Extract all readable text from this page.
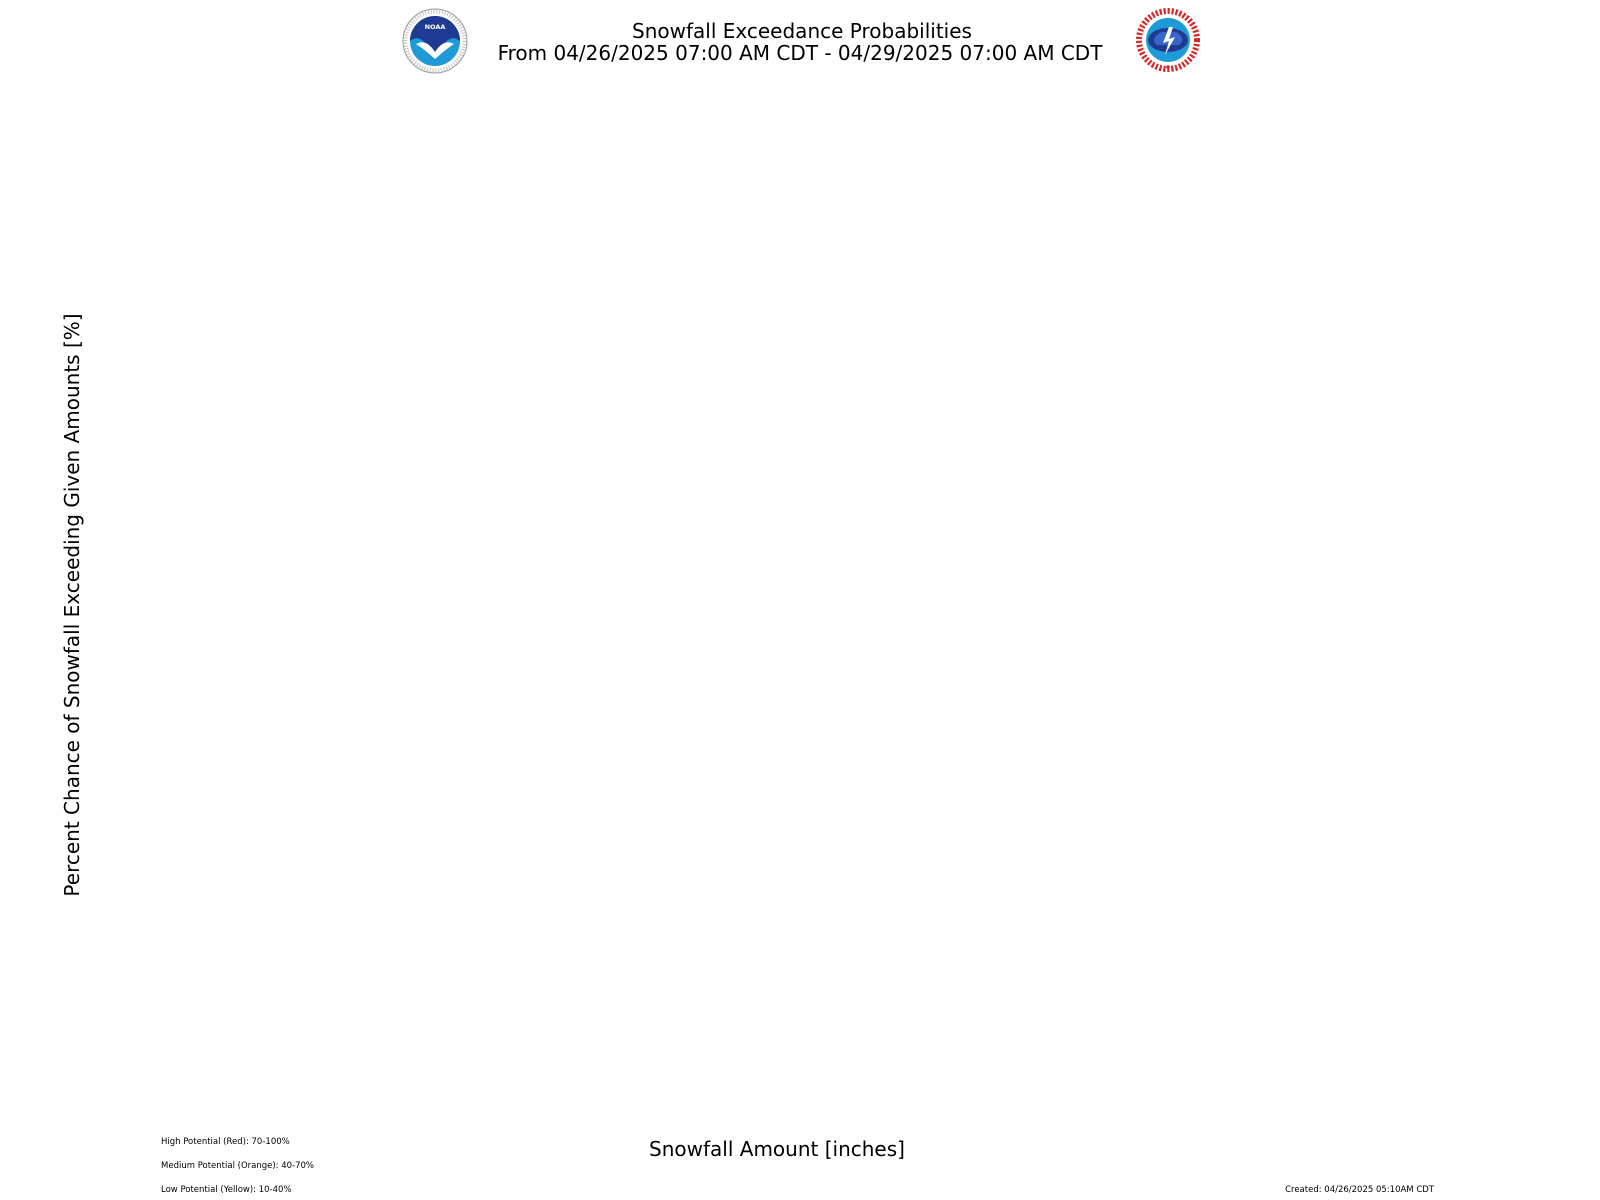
Snowfall Exceedance Probabilities
From 04/26/2025 07:00 AM CDT - 04/29/2025 07:00 AM CDT
NOAA
Percent Chance of Snowfall Exceeding Given Amounts [%]
Snowfall Amount [inches]
High Potential (Red): 70-100%
Medium Potential (Orange): 40-70%
Low Potential (Yellow): 10-40%	Created: 04/26/2025 05:10AM CDT
